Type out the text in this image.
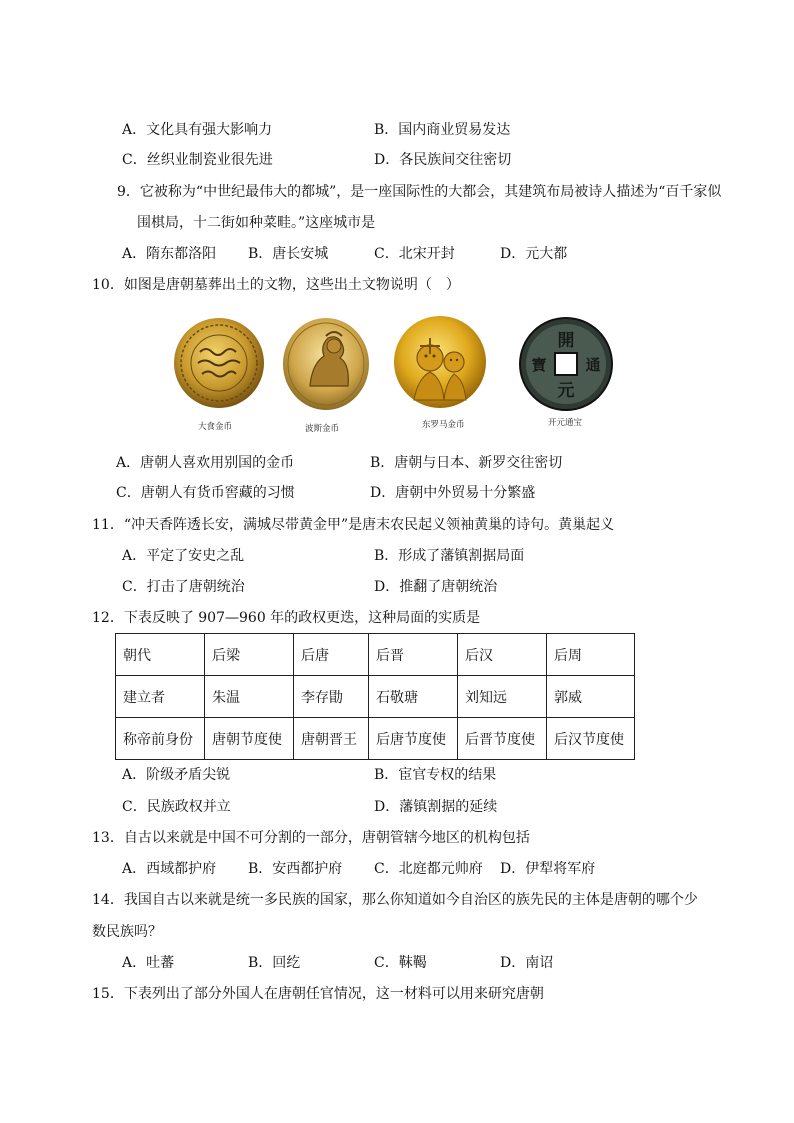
A．文化具有强大影响力	B．国内商业贸易发达
C．丝织业制瓷业很先进	D．各民族间交往密切
9．它被称为“中世纪最伟大的都城”，是一座国际性的大都会，其建筑布局被诗人描述为“百千家似
围棋局，十二街如种菜畦。”这座城市是
A．隋东都洛阳 B．唐长安城	C．北宋开封	D．元大都
10．如图是唐朝墓葬出土的文物，这些出土文物说明（　）
大食金币	波斯金币	东罗马金币
開
元
通
寶
开元通宝
A．唐朝人喜欢用别国的金币	B．唐朝与日本、新罗交往密切
C．唐朝人有货币窖藏的习惯	D．唐朝中外贸易十分繁盛
11．“冲天香阵透长安，满城尽带黄金甲”是唐末农民起义领袖黄巢的诗句。黄巢起义
A．平定了安史之乱	B．形成了藩镇割据局面
C．打击了唐朝统治	D．推翻了唐朝统治
12．下表反映了 907—960 年的政权更迭，这种局面的实质是
朝代	后梁	后唐	后晋	后汉	后周
建立者	朱温	李存勖	石敬瑭	刘知远	郭威
称帝前身份	唐朝节度使	唐朝晋王	后唐节度使	后晋节度使	后汉节度使
A．阶级矛盾尖锐	B．宦官专权的结果
C．民族政权并立	D．藩镇割据的延续
13．自古以来就是中国不可分割的一部分，唐朝管辖今地区的机构包括
A．西域都护府 B．安西都护府 C．北庭都元帅府 D．伊犁将军府
14．我国自古以来就是统一多民族的国家，那么你知道如今自治区的族先民的主体是唐朝的哪个少
数民族吗？
A．吐蕃	B．回纥	C．靺鞨	D．南诏
15．下表列出了部分外国人在唐朝任官情况，这一材料可以用来研究唐朝
